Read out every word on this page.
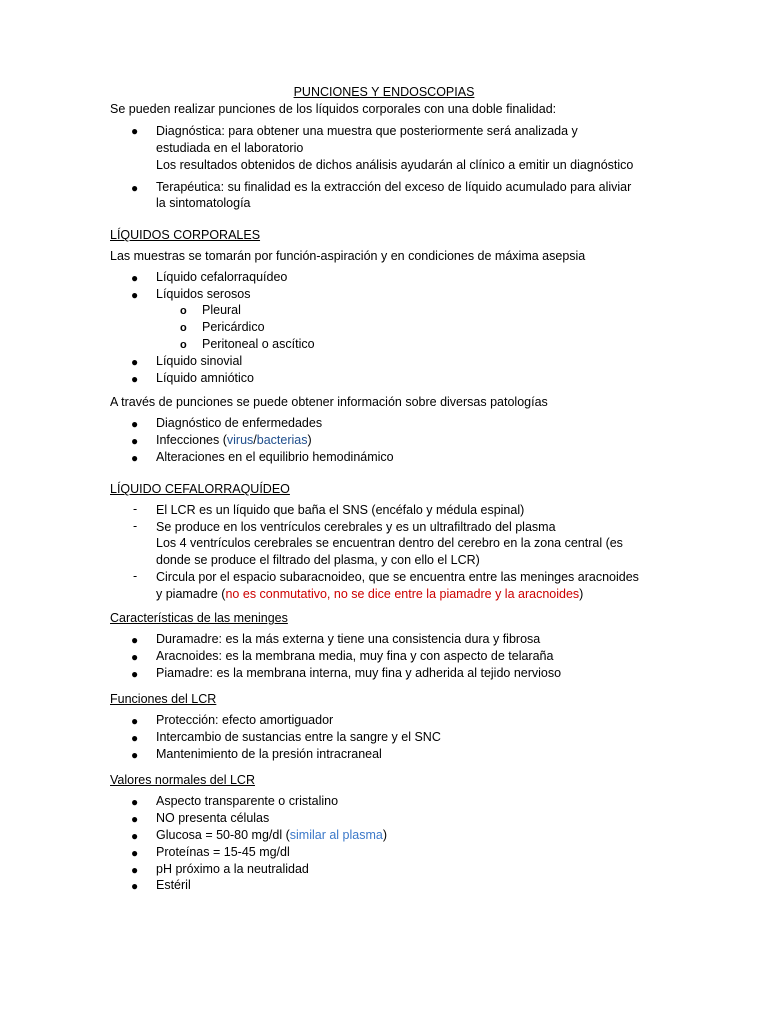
PUNCIONES Y ENDOSCOPIAS
Se pueden realizar punciones de los líquidos corporales con una doble finalidad:
● Diagnóstica: para obtener una muestra que posteriormente será analizada y
estudiada en el laboratorio
Los resultados obtenidos de dichos análisis ayudarán al clínico a emitir un diagnóstico
● Terapéutica: su finalidad es la extracción del exceso de líquido acumulado para aliviar
la sintomatología
LÍQUIDOS CORPORALES
Las muestras se tomarán por función-aspiración y en condiciones de máxima asepsia
● Líquido cefalorraquídeo
● Líquidos serosos
o Pleural
o Pericárdico
o Peritoneal o ascítico
● Líquido sinovial
● Líquido amniótico
A través de punciones se puede obtener información sobre diversas patologías
● Diagnóstico de enfermedades
● Infecciones (virus/bacterias)
● Alteraciones en el equilibrio hemodinámico
LÍQUIDO CEFALORRAQUÍDEO
- El LCR es un líquido que baña el SNS (encéfalo y médula espinal)
- Se produce en los ventrículos cerebrales y es un ultrafiltrado del plasma
Los 4 ventrículos cerebrales se encuentran dentro del cerebro en la zona central (es
donde se produce el filtrado del plasma, y con ello el LCR)
- Circula por el espacio subaracnoideo, que se encuentra entre las meninges aracnoides
y piamadre (no es conmutativo, no se dice entre la piamadre y la aracnoides)
Características de las meninges
● Duramadre: es la más externa y tiene una consistencia dura y fibrosa
● Aracnoides: es la membrana media, muy fina y con aspecto de telaraña
● Piamadre: es la membrana interna, muy fina y adherida al tejido nervioso
Funciones del LCR
● Protección: efecto amortiguador
● Intercambio de sustancias entre la sangre y el SNC
● Mantenimiento de la presión intracraneal
Valores normales del LCR
● Aspecto transparente o cristalino
● NO presenta células
● Glucosa = 50-80 mg/dl (similar al plasma)
● Proteínas = 15-45 mg/dl
● pH próximo a la neutralidad
● Estéril
